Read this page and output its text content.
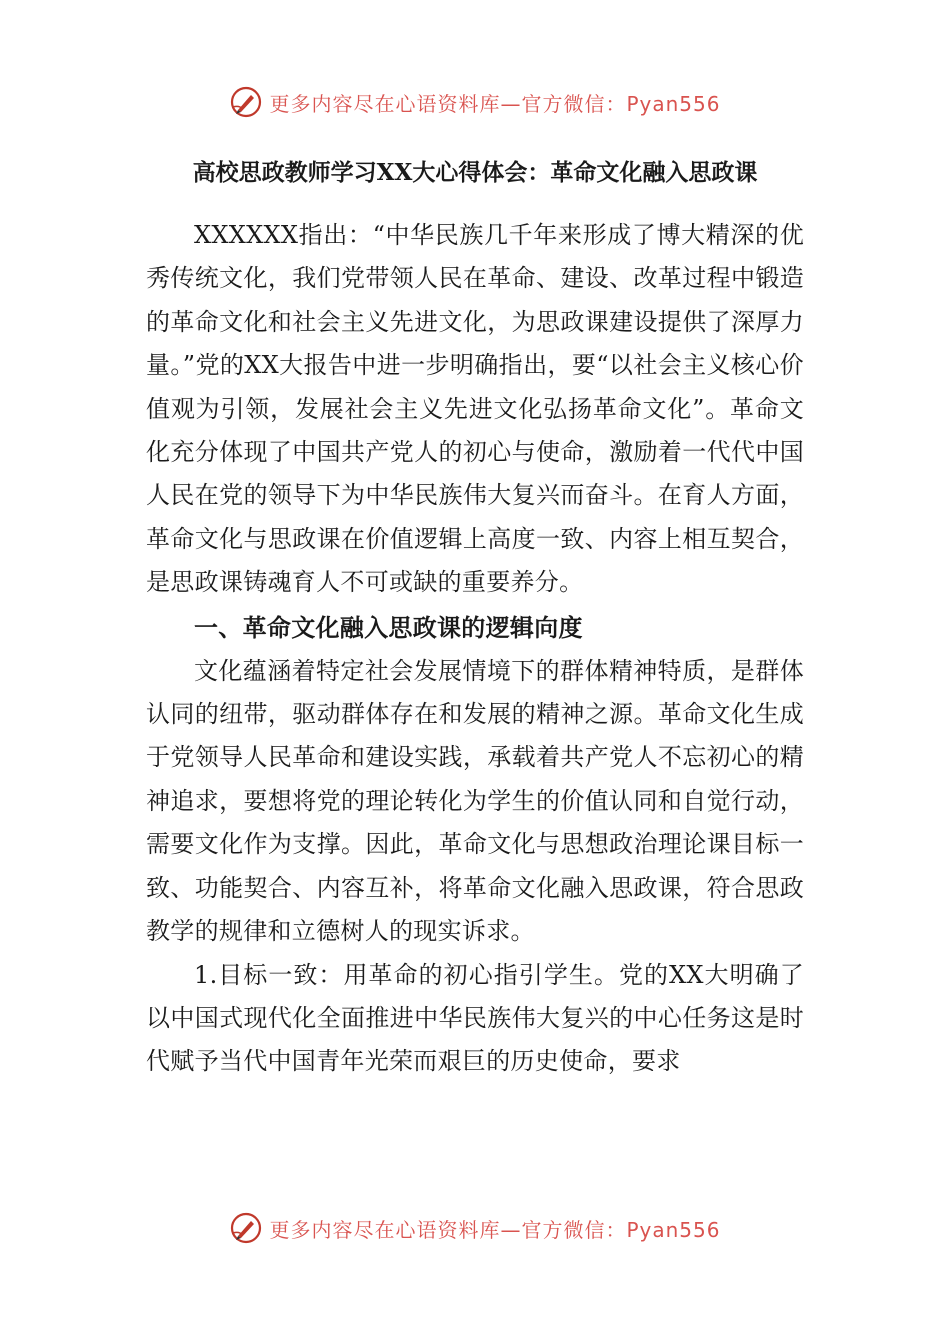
更多内容尽在心语资料库—官方微信：Pyan556
高校思政教师学习XX大心得体会：革命文化融入思政课

XXXXXX指出：“中华民族几千年来形成了博大精深的优秀传统文化，我们党带领人民在革命、建设、改革过程中锻造的革命文化和社会主义先进文化，为思政课建设提供了深厚力量。”党的XX大报告中进一步明确指出，要“以社会主义核心价值观为引领，发展社会主义先进文化弘扬革命文化”。革命文化充分体现了中国共产党人的初心与使命，激励着一代代中国人民在党的领导下为中华民族伟大复兴而奋斗。在育人方面，革命文化与思政课在价值逻辑上高度一致、内容上相互契合，是思政课铸魂育人不可或缺的重要养分。

一、革命文化融入思政课的逻辑向度

文化蕴涵着特定社会发展情境下的群体精神特质，是群体认同的纽带，驱动群体存在和发展的精神之源。革命文化生成于党领导人民革命和建设实践，承载着共产党人不忘初心的精神追求，要想将党的理论转化为学生的价值认同和自觉行动，需要文化作为支撑。因此，革命文化与思想政治理论课目标一致、功能契合、内容互补，将革命文化融入思政课，符合思政教学的规律和立德树人的现实诉求。

1.目标一致：用革命的初心指引学生。党的XX大明确了以中国式现代化全面推进中华民族伟大复兴的中心任务这是时代赋予当代中国青年光荣而艰巨的历史使命，要求

更多内容尽在心语资料库—官方微信：Pyan556
